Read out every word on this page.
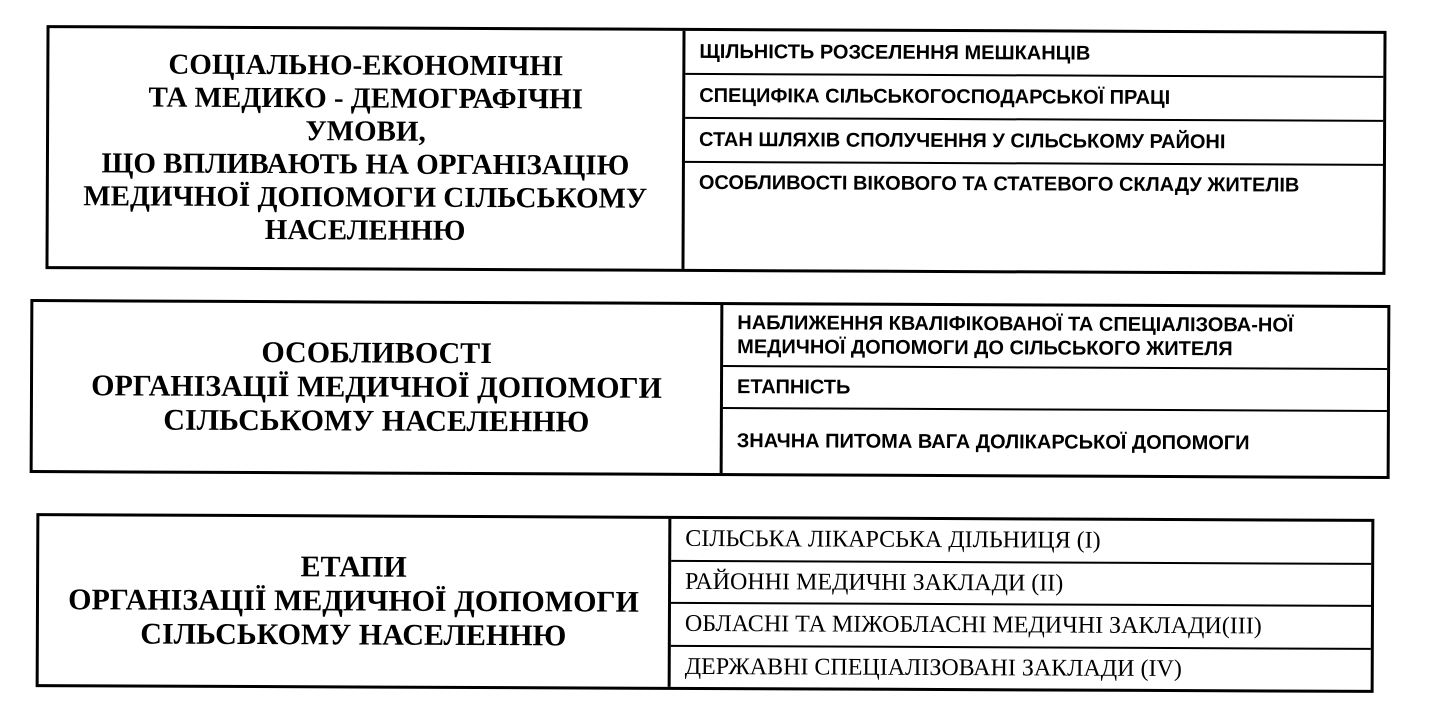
СОЦІАЛЬНО-ЕКОНОМІЧНІ
ТА МЕДИКО - ДЕМОГРАФІЧНІ
УМОВИ,
ЩО ВПЛИВАЮТЬ НА ОРГАНІЗАЦІЮ
МЕДИЧНОЇ ДОПОМОГИ СІЛЬСЬКОМУ
НАСЕЛЕННЮ
ЩІЛЬНІСТЬ РОЗСЕЛЕННЯ МЕШКАНЦІВ
СПЕЦИФІКА СІЛЬСЬКОГОСПОДАРСЬКОЇ ПРАЦІ
СТАН ШЛЯХІВ СПОЛУЧЕННЯ У СІЛЬСЬКОМУ РАЙОНІ
ОСОБЛИВОСТІ ВІКОВОГО ТА СТАТЕВОГО СКЛАДУ ЖИТЕЛІВ
ОСОБЛИВОСТІ
ОРГАНІЗАЦІЇ МЕДИЧНОЇ ДОПОМОГИ
СІЛЬСЬКОМУ НАСЕЛЕННЮ
НАБЛИЖЕННЯ КВАЛІФІКОВАНОЇ ТА СПЕЦІАЛІЗОВА-НОЇ МЕДИЧНОЇ ДОПОМОГИ ДО СІЛЬСЬКОГО ЖИТЕЛЯ
ЕТАПНІСТЬ
ЗНАЧНА ПИТОМА ВАГА ДОЛІКАРСЬКОЇ ДОПОМОГИ
ЕТАПИ
ОРГАНІЗАЦІЇ МЕДИЧНОЇ ДОПОМОГИ
СІЛЬСЬКОМУ НАСЕЛЕННЮ
СІЛЬСЬКА ЛІКАРСЬКА ДІЛЬНИЦЯ (І)
РАЙОННІ МЕДИЧНІ ЗАКЛАДИ (ІІ)
ОБЛАСНІ ТА МІЖОБЛАСНІ МЕДИЧНІ ЗАКЛАДИ(ІІІ)
ДЕРЖАВНІ СПЕЦІАЛІЗОВАНІ ЗАКЛАДИ (IV)
